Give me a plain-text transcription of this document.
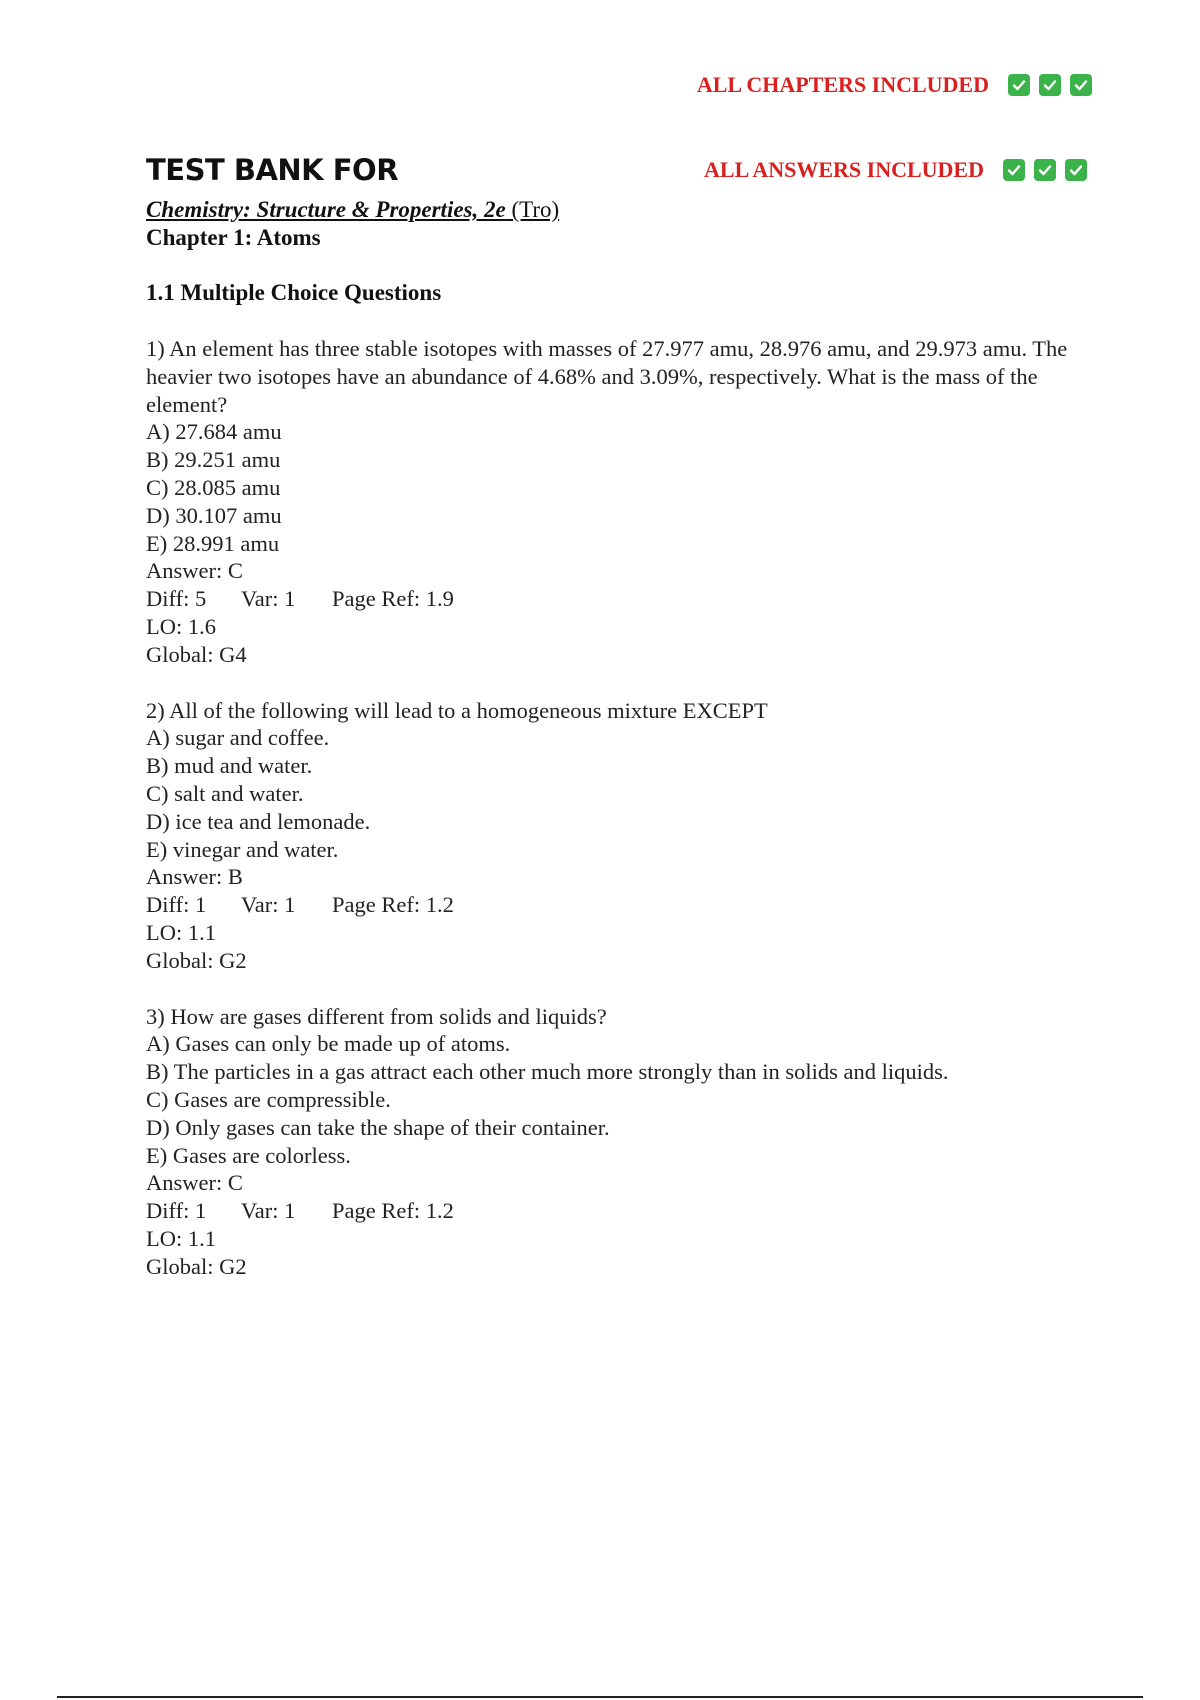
ALL CHAPTERS INCLUDED
ALL ANSWERS INCLUDED
TEST BANK FOR
Chemistry: Structure & Properties, 2e (Tro)
Chapter 1: Atoms
1.1 Multiple Choice Questions
1) An element has three stable isotopes with masses of 27.977 amu, 28.976 amu, and 29.973 amu. The heavier two isotopes have an abundance of 4.68% and 3.09%, respectively. What is the mass of the element?
A) 27.684 amu
B) 29.251 amu
C) 28.085 amu
D) 30.107 amu
E) 28.991 amu
Answer: C
Diff: 5	Var: 1	Page Ref: 1.9
LO: 1.6
Global: G4
2) All of the following will lead to a homogeneous mixture EXCEPT
A) sugar and coffee.
B) mud and water.
C) salt and water.
D) ice tea and lemonade.
E) vinegar and water.
Answer: B
Diff: 1	Var: 1	Page Ref: 1.2
LO: 1.1
Global: G2
3) How are gases different from solids and liquids?
A) Gases can only be made up of atoms.
B) The particles in a gas attract each other much more strongly than in solids and liquids.
C) Gases are compressible.
D) Only gases can take the shape of their container.
E) Gases are colorless.
Answer: C
Diff: 1	Var: 1	Page Ref: 1.2
LO: 1.1
Global: G2
